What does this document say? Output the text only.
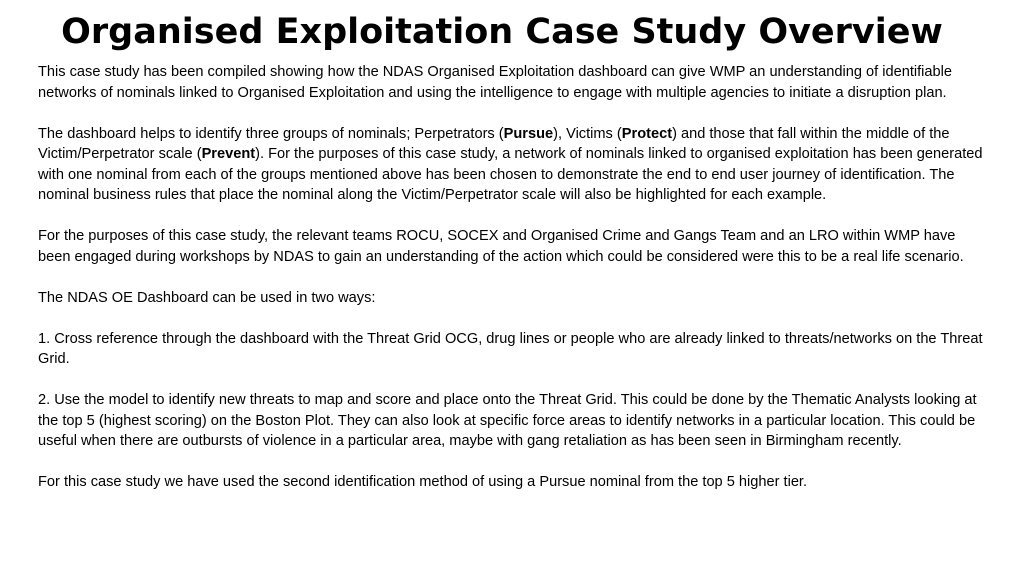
Organised Exploitation Case Study Overview

This case study has been compiled showing how the NDAS Organised Exploitation dashboard can give WMP an understanding of identifiable networks of nominals linked to Organised Exploitation and using the intelligence to engage with multiple agencies to initiate a disruption plan.

The dashboard helps to identify three groups of nominals; Perpetrators (Pursue), Victims (Protect) and those that fall within the middle of the Victim/Perpetrator scale (Prevent). For the purposes of this case study, a network of nominals linked to organised exploitation has been generated with one nominal from each of the groups mentioned above has been chosen to demonstrate the end to end user journey of identification. The nominal business rules that place the nominal along the Victim/Perpetrator scale will also be highlighted for each example.

For the purposes of this case study, the relevant teams ROCU, SOCEX and Organised Crime and Gangs Team and an LRO within WMP have been engaged during workshops by NDAS to gain an understanding of the action which could be considered were this to be a real life scenario.

The NDAS OE Dashboard can be used in two ways:

1. Cross reference through the dashboard with the Threat Grid OCG, drug lines or people who are already linked to threats/networks on the Threat Grid.

2. Use the model to identify new threats to map and score and place onto the Threat Grid. This could be done by the Thematic Analysts looking at the top 5 (highest scoring) on the Boston Plot. They can also look at specific force areas to identify networks in a particular location. This could be useful when there are outbursts of violence in a particular area, maybe with gang retaliation as has been seen in Birmingham recently.

For this case study we have used the second identification method of using a Pursue nominal from the top 5 higher tier.
